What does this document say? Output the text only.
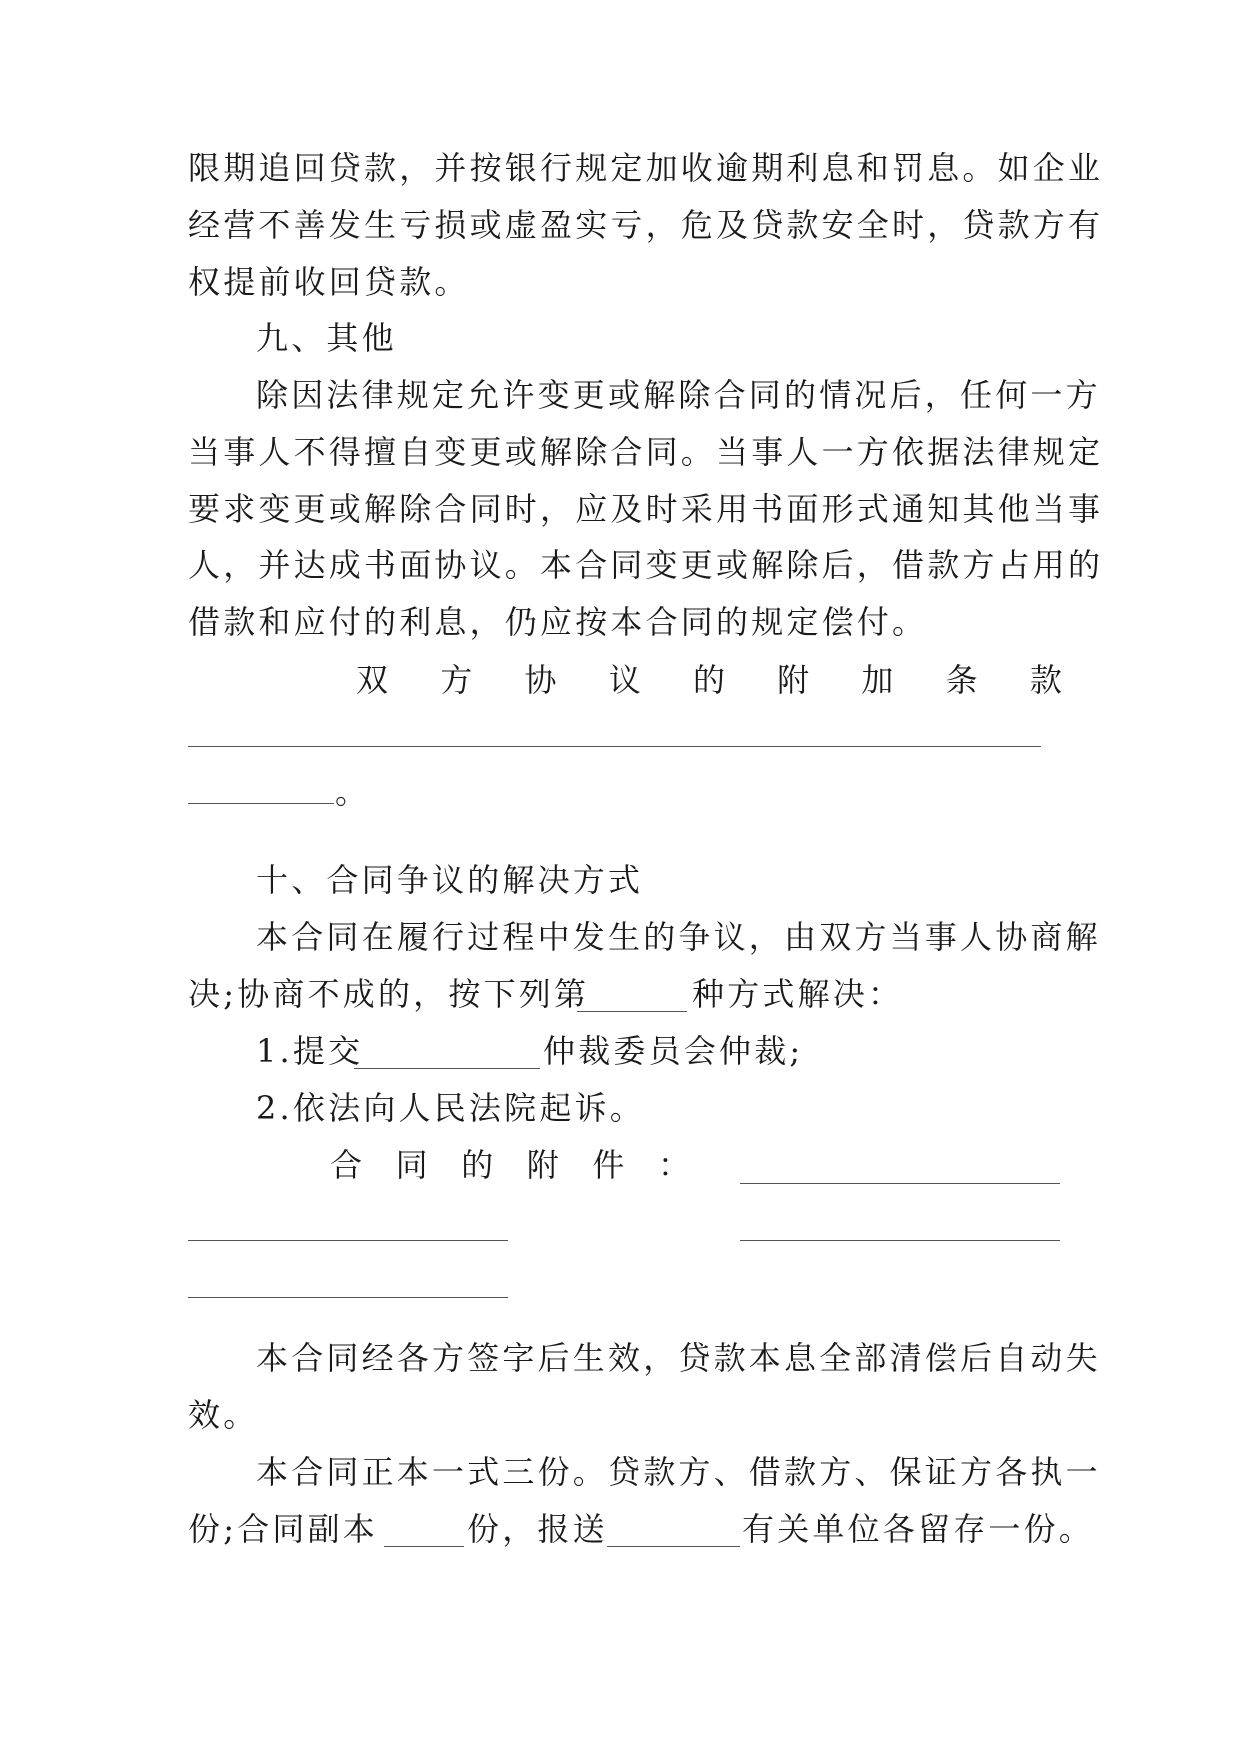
限期追回贷款，并按银行规定加收逾期利息和罚息。如企业
经营不善发生亏损或虚盈实亏，危及贷款安全时，贷款方有
权提前收回贷款。
九、其他
除因法律规定允许变更或解除合同的情况后，任何一方
当事人不得擅自变更或解除合同。当事人一方依据法律规定
要求变更或解除合同时，应及时采用书面形式通知其他当事
人，并达成书面协议。本合同变更或解除后，借款方占用的
借款和应付的利息，仍应按本合同的规定偿付。
双 方 协 议 的 附 加 条 款
。
十、合同争议的解决方式
本合同在履行过程中发生的争议，由双方当事人协商解
决;协商不成的，按下列第	种方式解决：
1.提交	仲裁委员会仲裁;
2.依法向人民法院起诉。
合 同 的 附 件 ：
本合同经各方签字后生效，贷款本息全部清偿后自动失
效。
本合同正本一式三份。贷款方、借款方、保证方各执一
份;合同副本	份，报送	有关单位各留存一份。
